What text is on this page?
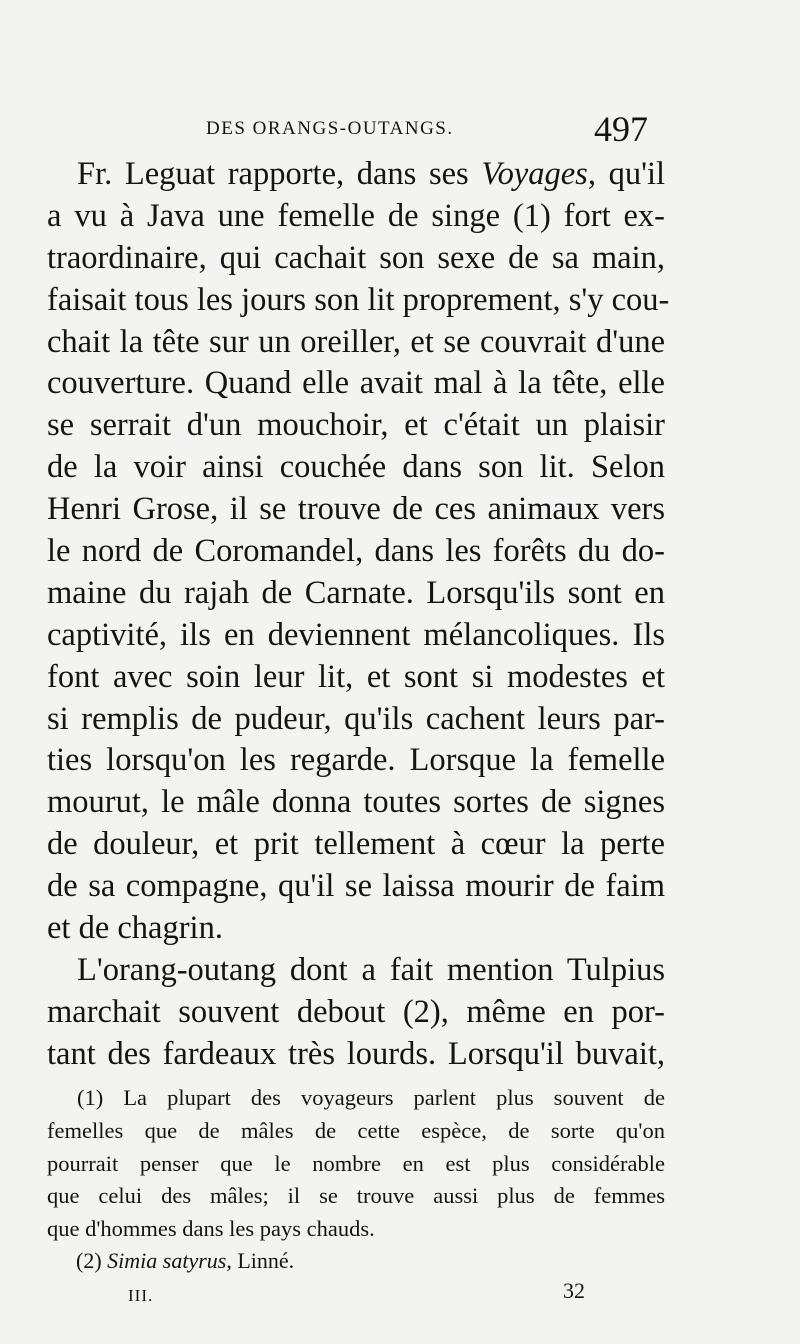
DES ORANGS-OUTANGS.	497
Fr. Leguat rapporte, dans ses Voyages, qu'il
a vu à Java une femelle de singe (1) fort ex-
traordinaire, qui cachait son sexe de sa main,
faisait tous les jours son lit proprement, s'y cou-
chait la tête sur un oreiller, et se couvrait d'une
couverture. Quand elle avait mal à la tête, elle
se serrait d'un mouchoir, et c'était un plaisir
de la voir ainsi couchée dans son lit. Selon
Henri Grose, il se trouve de ces animaux vers
le nord de Coromandel, dans les forêts du do-
maine du rajah de Carnate. Lorsqu'ils sont en
captivité, ils en deviennent mélancoliques. Ils
font avec soin leur lit, et sont si modestes et
si remplis de pudeur, qu'ils cachent leurs par-
ties lorsqu'on les regarde. Lorsque la femelle
mourut, le mâle donna toutes sortes de signes
de douleur, et prit tellement à cœur la perte
de sa compagne, qu'il se laissa mourir de faim
et de chagrin.
L'orang-outang dont a fait mention Tulpius
marchait souvent debout (2), même en por-
tant des fardeaux très lourds. Lorsqu'il buvait,
(1) La plupart des voyageurs parlent plus souvent de
femelles que de mâles de cette espèce, de sorte qu'on
pourrait penser que le nombre en est plus considérable
que celui des mâles; il se trouve aussi plus de femmes
que d'hommes dans les pays chauds.
(2) Simia satyrus, Linné.
III.	32
